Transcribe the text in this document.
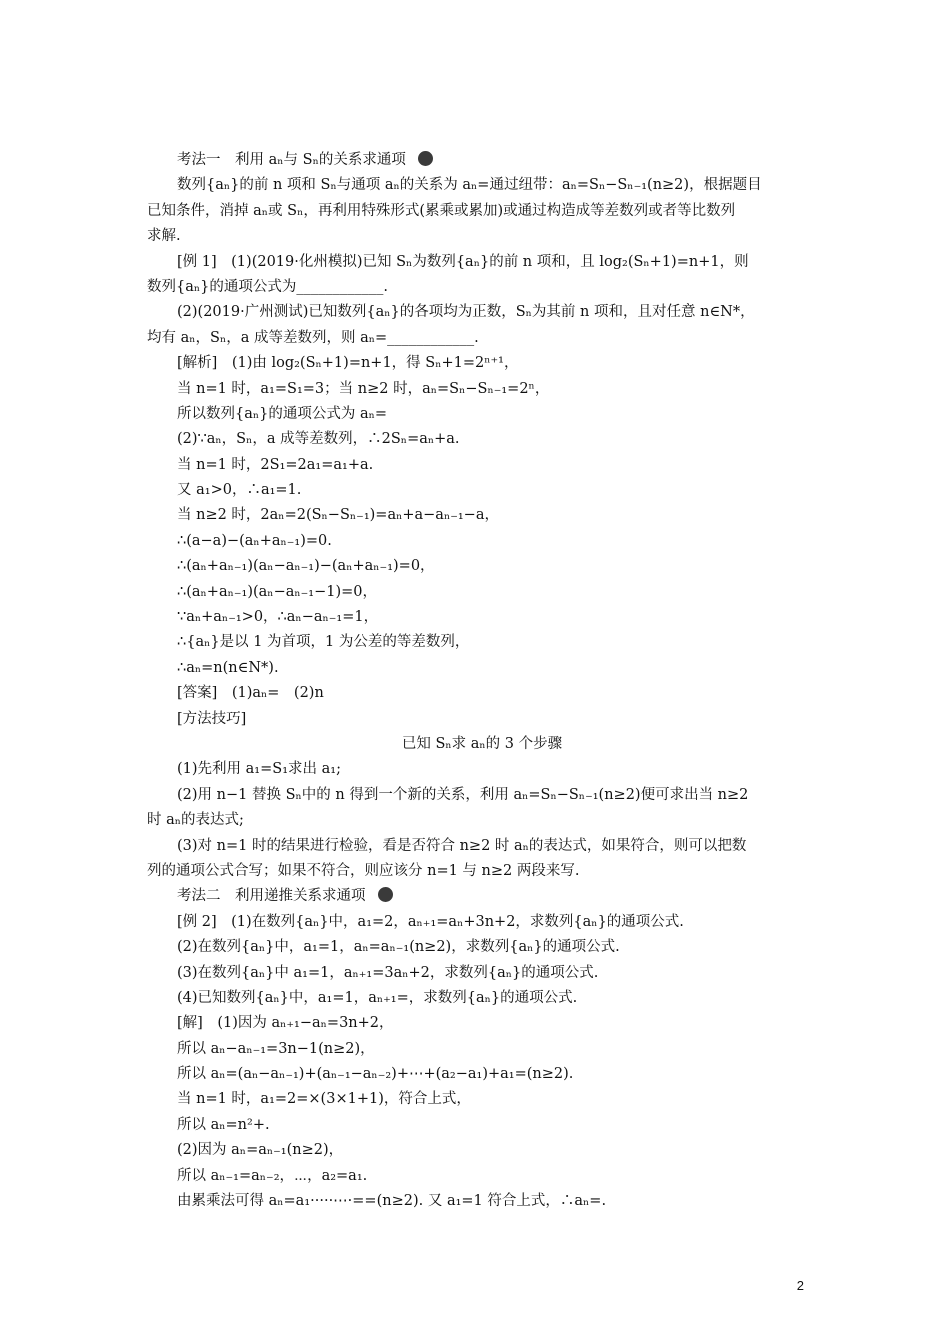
考法一　利用 aₙ与 Sₙ的关系求通项
数列{aₙ}的前 n 项和 Sₙ与通项 aₙ的关系为 aₙ=通过纽带：aₙ=Sₙ−Sₙ₋₁(n≥2)，根据题目
已知条件，消掉 aₙ或 Sₙ，再利用特殊形式(累乘或累加)或通过构造成等差数列或者等比数列
求解.
[例 1]　(1)(2019·化州模拟)已知 Sₙ为数列{aₙ}的前 n 项和，且 log₂(Sₙ+1)=n+1，则
数列{aₙ}的通项公式为____________.
(2)(2019·广州测试)已知数列{aₙ}的各项均为正数，Sₙ为其前 n 项和，且对任意 n∈N*，
均有 aₙ，Sₙ，a 成等差数列，则 aₙ=____________.
[解析]　(1)由 log₂(Sₙ+1)=n+1，得 Sₙ+1=2ⁿ⁺¹，
当 n=1 时，a₁=S₁=3；当 n≥2 时，aₙ=Sₙ−Sₙ₋₁=2ⁿ，
所以数列{aₙ}的通项公式为 aₙ=
(2)∵aₙ，Sₙ，a 成等差数列，∴2Sₙ=aₙ+a.
当 n=1 时，2S₁=2a₁=a₁+a.
又 a₁>0，∴a₁=1.
当 n≥2 时，2aₙ=2(Sₙ−Sₙ₋₁)=aₙ+a−aₙ₋₁−a，
∴(a−a)−(aₙ+aₙ₋₁)=0.
∴(aₙ+aₙ₋₁)(aₙ−aₙ₋₁)−(aₙ+aₙ₋₁)=0，
∴(aₙ+aₙ₋₁)(aₙ−aₙ₋₁−1)=0，
∵aₙ+aₙ₋₁>0，∴aₙ−aₙ₋₁=1，
∴{aₙ}是以 1 为首项，1 为公差的等差数列，
∴aₙ=n(n∈N*).
[答案]　(1)aₙ=　(2)n
[方法技巧]
已知 Sₙ求 aₙ的 3 个步骤
(1)先利用 a₁=S₁求出 a₁;
(2)用 n−1 替换 Sₙ中的 n 得到一个新的关系，利用 aₙ=Sₙ−Sₙ₋₁(n≥2)便可求出当 n≥2
时 aₙ的表达式;
(3)对 n=1 时的结果进行检验，看是否符合 n≥2 时 aₙ的表达式，如果符合，则可以把数
列的通项公式合写；如果不符合，则应该分 n=1 与 n≥2 两段来写.
考法二　利用递推关系求通项
[例 2]　(1)在数列{aₙ}中，a₁=2，aₙ₊₁=aₙ+3n+2，求数列{aₙ}的通项公式.
(2)在数列{aₙ}中，a₁=1，aₙ=aₙ₋₁(n≥2)，求数列{aₙ}的通项公式.
(3)在数列{aₙ}中 a₁=1，aₙ₊₁=3aₙ+2，求数列{aₙ}的通项公式.
(4)已知数列{aₙ}中，a₁=1，aₙ₊₁=，求数列{aₙ}的通项公式.
[解]　(1)因为 aₙ₊₁−aₙ=3n+2，
所以 aₙ−aₙ₋₁=3n−1(n≥2)，
所以 aₙ=(aₙ−aₙ₋₁)+(aₙ₋₁−aₙ₋₂)+⋯+(a₂−a₁)+a₁=(n≥2).
当 n=1 时，a₁=2=×(3×1+1)，符合上式，
所以 aₙ=n²+.
(2)因为 aₙ=aₙ₋₁(n≥2)，
所以 aₙ₋₁=aₙ₋₂，⋯，a₂=a₁.
由累乘法可得 aₙ=a₁·····⋯·==(n≥2). 又 a₁=1 符合上式，∴aₙ=.
2
